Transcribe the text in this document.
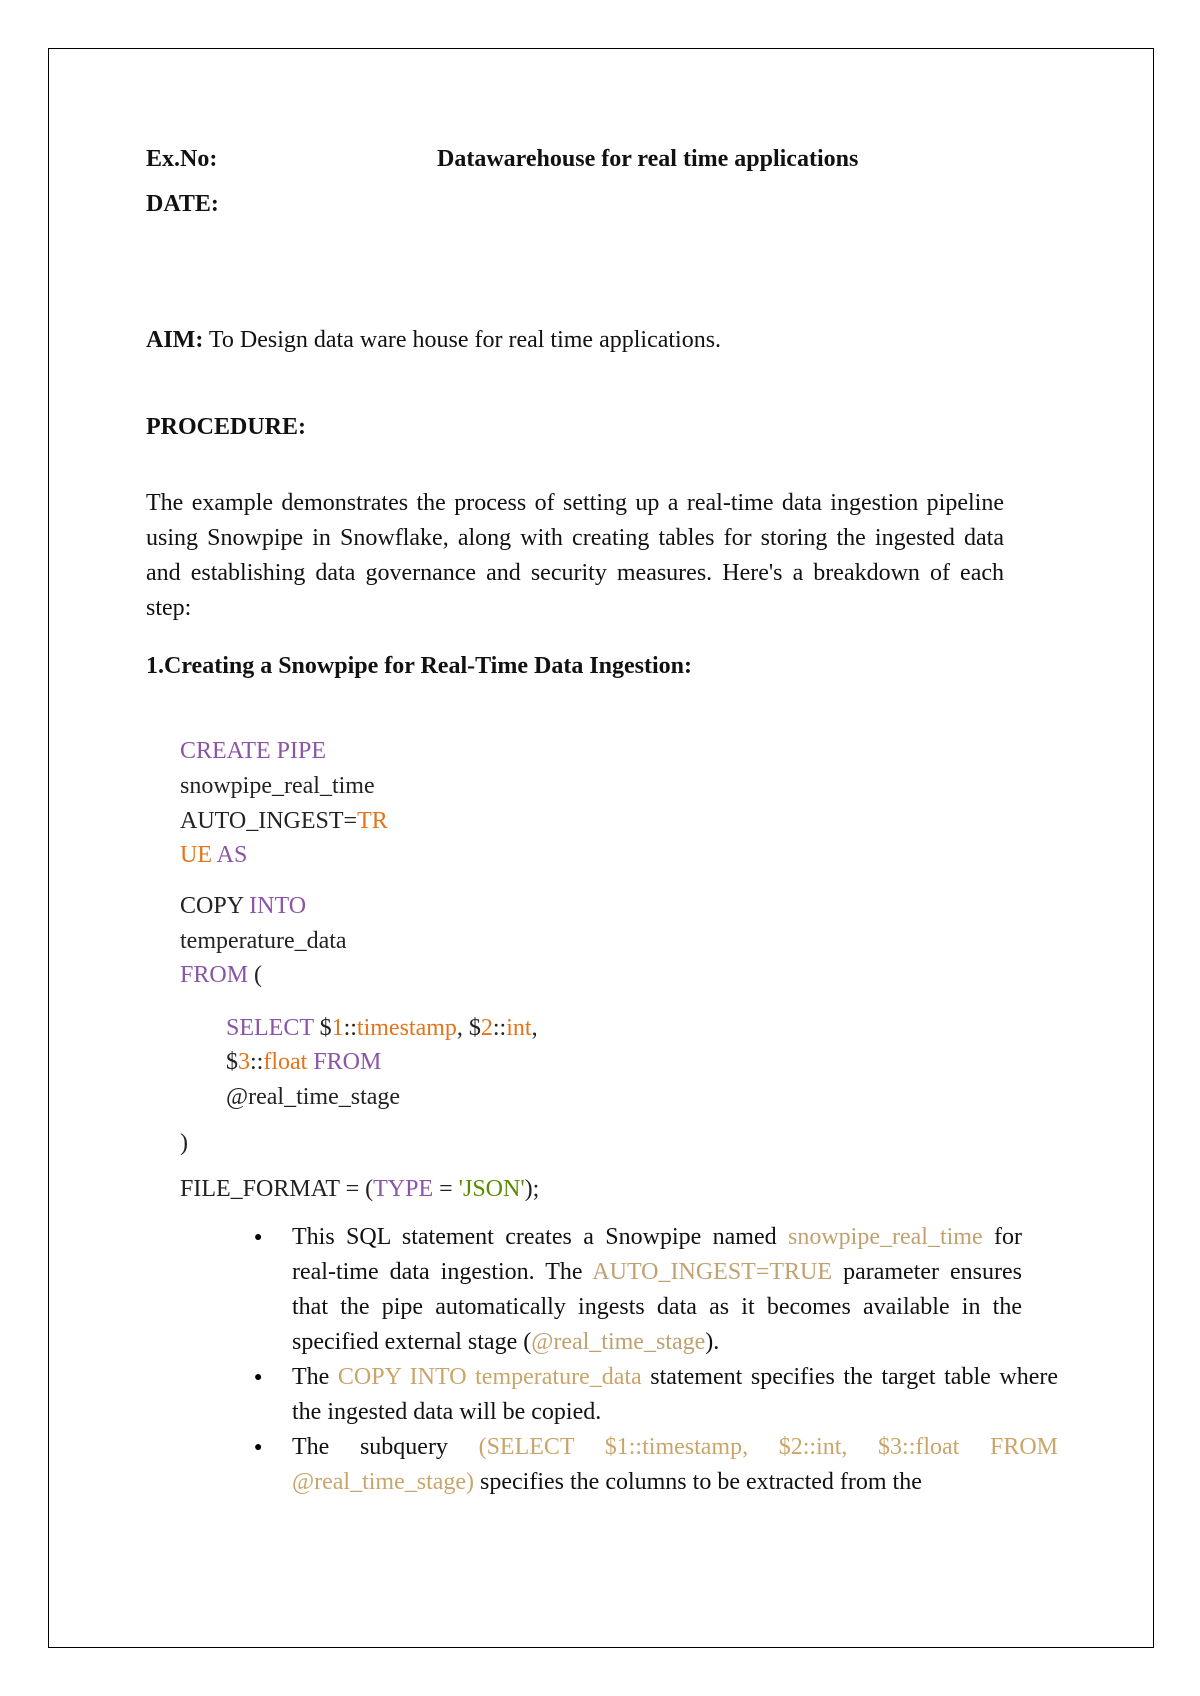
Ex.No:	Datawarehouse for real time applications
DATE:
AIM: To Design data ware house for real time applications.
PROCEDURE:
The example demonstrates the process of setting up a real-time data ingestion pipeline using Snowpipe in Snowflake, along with creating tables for storing the ingested data and establishing data governance and security measures. Here's a breakdown of each step:
1.Creating a Snowpipe for Real-Time Data Ingestion:
CREATE PIPE
snowpipe_real_time
AUTO_INGEST=TR
UE AS
COPY INTO
temperature_data
FROM (
SELECT $1::timestamp, $2::int,
$3::float FROM
@real_time_stage
)
FILE_FORMAT = (TYPE = 'JSON');
● This SQL statement creates a Snowpipe named snowpipe_real_time for real-time data ingestion. The AUTO_INGEST=TRUE parameter ensures that the pipe automatically ingests data as it becomes available in the specified external stage (@real_time_stage).
● The COPY INTO temperature_data statement specifies the target table where the ingested data will be copied.
● The subquery (SELECT $1::timestamp, $2::int, $3::float FROM @real_time_stage) specifies the columns to be extracted from the
